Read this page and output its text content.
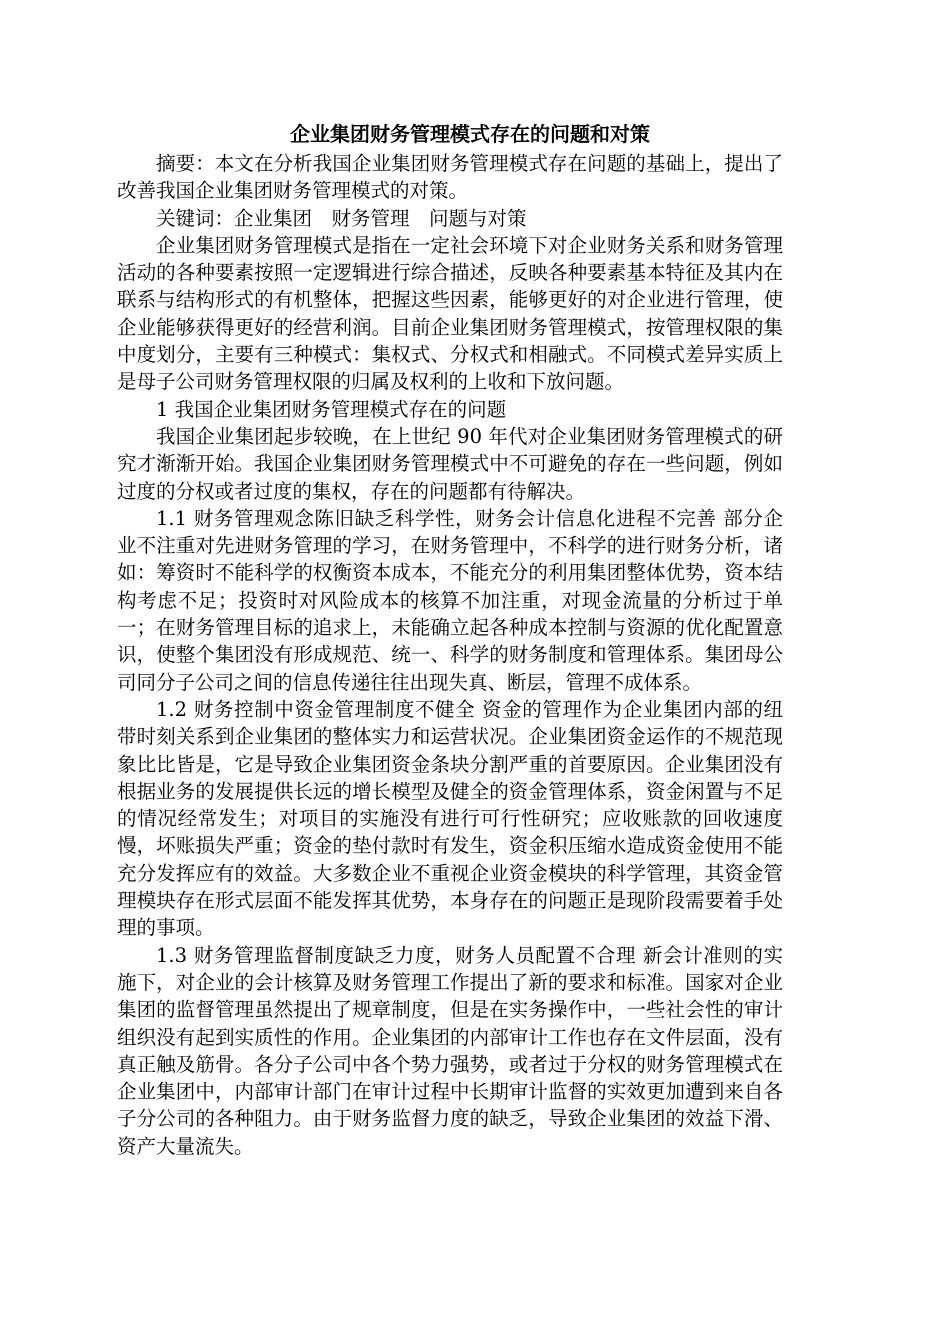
企业集团财务管理模式存在的问题和对策

摘要：本文在分析我国企业集团财务管理模式存在问题的基础上，提出了改善我国企业集团财务管理模式的对策。

关键词：企业集团　财务管理　问题与对策

企业集团财务管理模式是指在一定社会环境下对企业财务关系和财务管理活动的各种要素按照一定逻辑进行综合描述，反映各种要素基本特征及其内在联系与结构形式的有机整体，把握这些因素，能够更好的对企业进行管理，使企业能够获得更好的经营利润。目前企业集团财务管理模式，按管理权限的集中度划分，主要有三种模式：集权式、分权式和相融式。不同模式差异实质上是母子公司财务管理权限的归属及权利的上收和下放问题。

1 我国企业集团财务管理模式存在的问题

我国企业集团起步较晚，在上世纪 90 年代对企业集团财务管理模式的研究才渐渐开始。我国企业集团财务管理模式中不可避免的存在一些问题，例如过度的分权或者过度的集权，存在的问题都有待解决。

1.1 财务管理观念陈旧缺乏科学性，财务会计信息化进程不完善 部分企业不注重对先进财务管理的学习，在财务管理中，不科学的进行财务分析，诸如：筹资时不能科学的权衡资本成本，不能充分的利用集团整体优势，资本结构考虑不足；投资时对风险成本的核算不加注重，对现金流量的分析过于单一；在财务管理目标的追求上，未能确立起各种成本控制与资源的优化配置意识，使整个集团没有形成规范、统一、科学的财务制度和管理体系。集团母公司同分子公司之间的信息传递往往出现失真、断层，管理不成体系。

1.2 财务控制中资金管理制度不健全 资金的管理作为企业集团内部的纽带时刻关系到企业集团的整体实力和运营状况。企业集团资金运作的不规范现象比比皆是，它是导致企业集团资金条块分割严重的首要原因。企业集团没有根据业务的发展提供长远的增长模型及健全的资金管理体系，资金闲置与不足的情况经常发生；对项目的实施没有进行可行性研究；应收账款的回收速度慢，坏账损失严重；资金的垫付款时有发生，资金积压缩水造成资金使用不能充分发挥应有的效益。大多数企业不重视企业资金模块的科学管理，其资金管理模块存在形式层面不能发挥其优势，本身存在的问题正是现阶段需要着手处理的事项。

1.3 财务管理监督制度缺乏力度，财务人员配置不合理 新会计准则的实施下，对企业的会计核算及财务管理工作提出了新的要求和标准。国家对企业集团的监督管理虽然提出了规章制度，但是在实务操作中，一些社会性的审计组织没有起到实质性的作用。企业集团的内部审计工作也存在文件层面，没有真正触及筋骨。各分子公司中各个势力强势，或者过于分权的财务管理模式在企业集团中，内部审计部门在审计过程中长期审计监督的实效更加遭到来自各子分公司的各种阻力。由于财务监督力度的缺乏，导致企业集团的效益下滑、资产大量流失。
